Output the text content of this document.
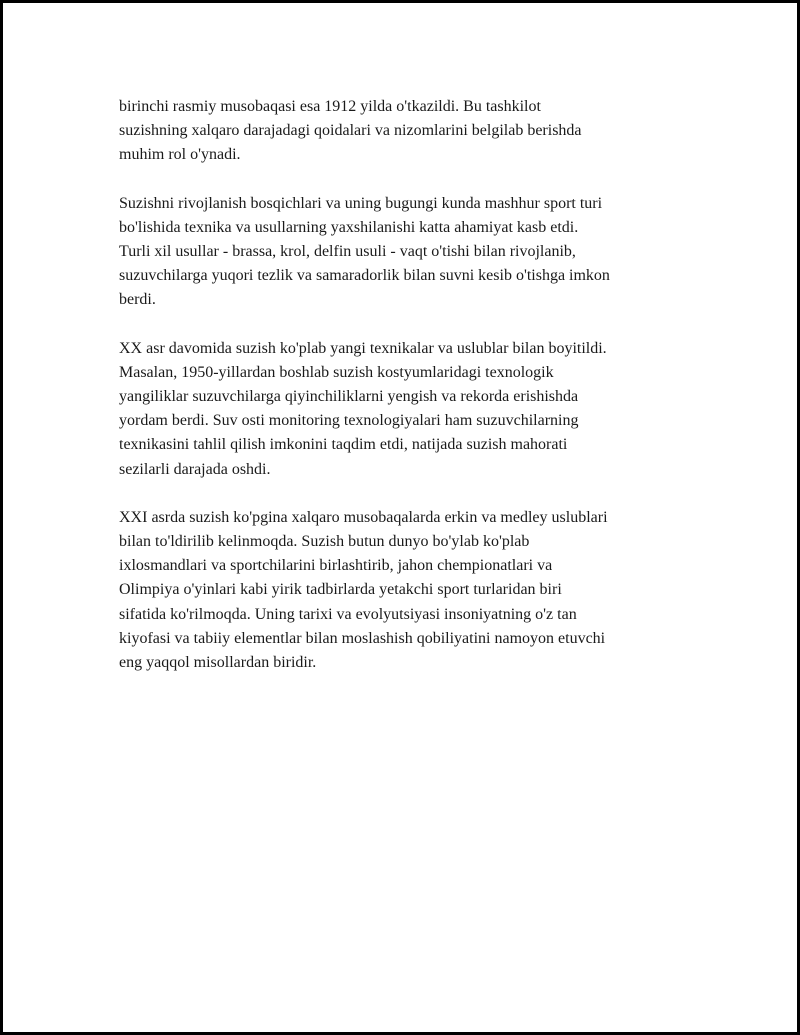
birinchi rasmiy musobaqasi esa 1912 yilda o'tkazildi. Bu tashkilot
suzishning xalqaro darajadagi qoidalari va nizomlarini belgilab berishda
muhim rol o'ynadi.

Suzishni rivojlanish bosqichlari va uning bugungi kunda mashhur sport turi
bo'lishida texnika va usullarning yaxshilanishi katta ahamiyat kasb etdi.
Turli xil usullar - brassa, krol, delfin usuli - vaqt o'tishi bilan rivojlanib,
suzuvchilarga yuqori tezlik va samaradorlik bilan suvni kesib o'tishga imkon
berdi.

XX asr davomida suzish ko'plab yangi texnikalar va uslublar bilan boyitildi.
Masalan, 1950-yillardan boshlab suzish kostyumlaridagi texnologik
yangiliklar suzuvchilarga qiyinchiliklarni yengish va rekorda erishishda
yordam berdi. Suv osti monitoring texnologiyalari ham suzuvchilarning
texnikasini tahlil qilish imkonini taqdim etdi, natijada suzish mahorati
sezilarli darajada oshdi.

XXI asrda suzish ko'pgina xalqaro musobaqalarda erkin va medley uslublari
bilan to'ldirilib kelinmoqda. Suzish butun dunyo bo'ylab ko'plab
ixlosmandlari va sportchilarini birlashtirib, jahon chempionatlari va
Olimpiya o'yinlari kabi yirik tadbirlarda yetakchi sport turlaridan biri
sifatida ko'rilmoqda. Uning tarixi va evolyutsiyasi insoniyatning o'z tan
kiyofasi va tabiiy elementlar bilan moslashish qobiliyatini namoyon etuvchi
eng yaqqol misollardan biridir.
